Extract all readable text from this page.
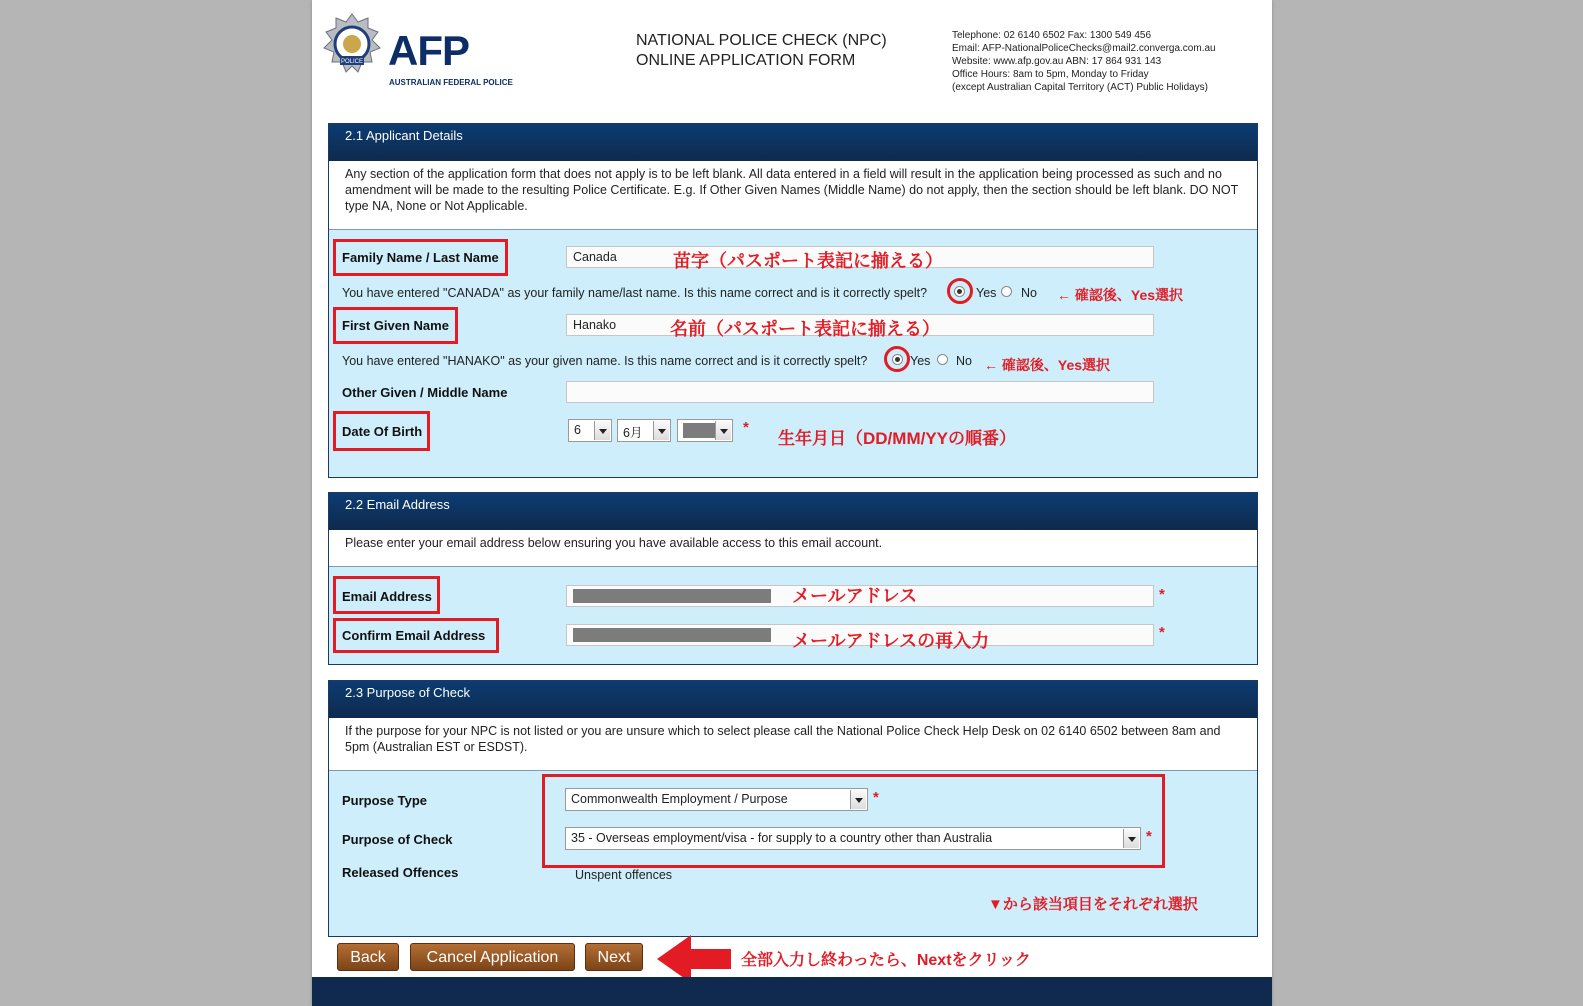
POLICE AFP
AUSTRALIAN FEDERAL POLICE
NATIONAL POLICE CHECK (NPC)
ONLINE APPLICATION FORM
Telephone: 02 6140 6502 Fax: 1300 549 456
Email: AFP-NationalPoliceChecks@mail2.converga.com.au
Website: www.afp.gov.au ABN: 17 864 931 143
Office Hours: 8am to 5pm, Monday to Friday
(except Australian Capital Territory (ACT) Public Holidays)
2.1 Applicant Details
Any section of the application form that does not apply is to be left blank. All data entered in a field will result in the application being processed as such and no amendment will be made to the resulting Police Certificate. E.g. If Other Given Names (Middle Name) do not apply, then the section should be left blank. DO NOT type NA, None or Not Applicable.
2.2 Email Address
Please enter your email address below ensuring you have available access to this email account.
2.3 Purpose of Check
If the purpose for your NPC is not listed or you are unsure which to select please call the National Police Check Help Desk on 02 6140 6502 between 8am and 5pm (Australian EST or ESDST).
Family Name / Last Name
Canada	苗字（パスポート表記に揃える）
You have entered "CANADA" as your family name/last name. Is this name correct and is it correctly spelt?	Yes No ← 確認後、Yes選択
First Given Name
Hanako	名前（パスポート表記に揃える）
You have entered "HANAKO" as your given name. Is this name correct and is it correctly spelt?	Yes No ← 確認後、Yes選択
Other Given / Middle Name
Date Of Birth	6	6月	*
生年月日（DD/MM/YYの順番）
Email Address	メールアドレス	*
Confirm Email Address	メールアドレスの再入力	*
Purpose Type	Commonwealth Employment / Purpose	*
Purpose of Check	35 - Overseas employment/visa - for supply to a country other than Australia	*
Released Offences	Unspent offences
▼から該当項目をそれぞれ選択
Back	Cancel Application	Next	全部入力し終わったら、Nextをクリック
